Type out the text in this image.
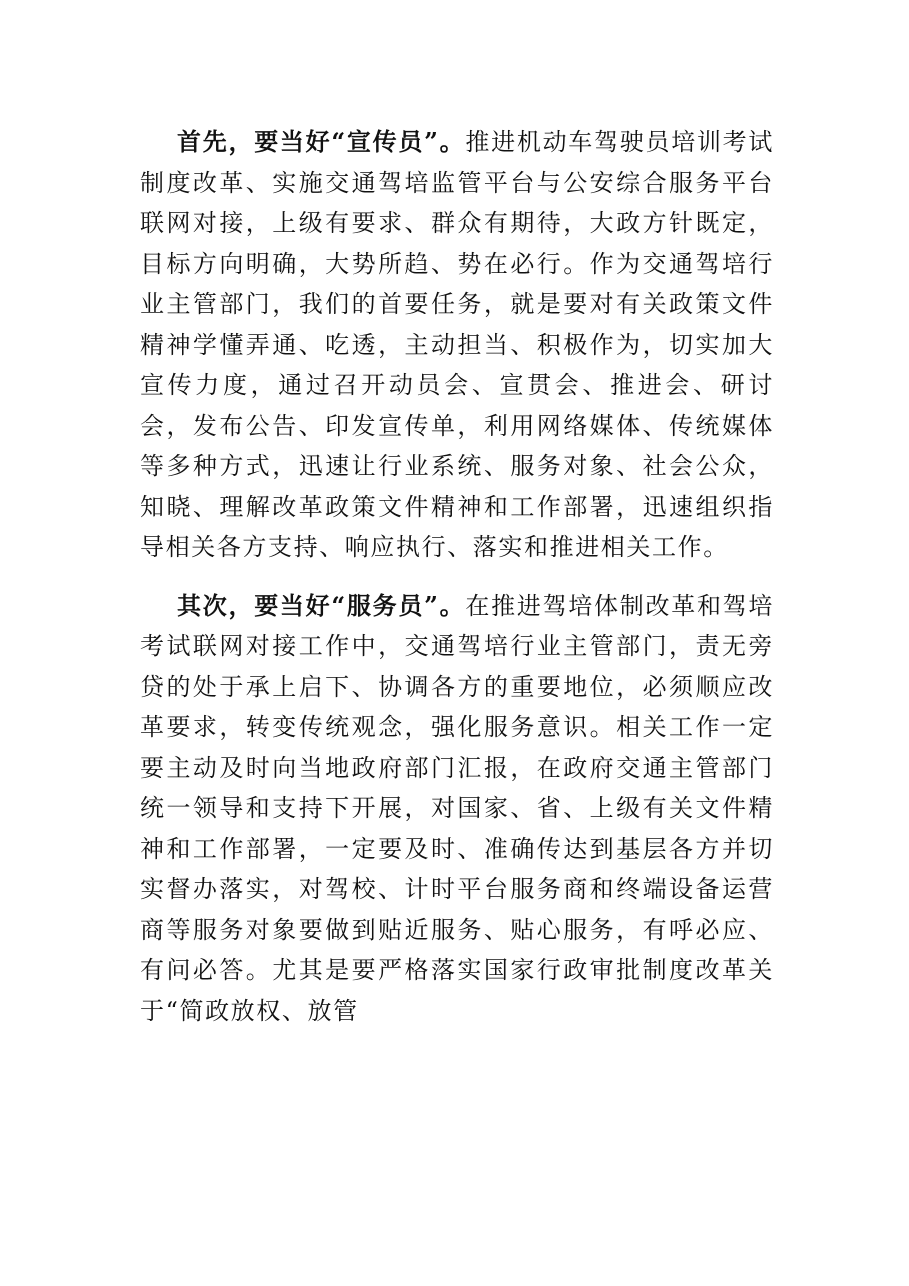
首先，要当好“宣传员”。推进机动车驾驶员培训考试制度改革、实施交通驾培监管平台与公安综合服务平台联网对接，上级有要求、群众有期待，大政方针既定，目标方向明确，大势所趋、势在必行。作为交通驾培行业主管部门，我们的首要任务，就是要对有关政策文件精神学懂弄通、吃透，主动担当、积极作为，切实加大宣传力度，通过召开动员会、宣贯会、推进会、研讨会，发布公告、印发宣传单，利用网络媒体、传统媒体等多种方式，迅速让行业系统、服务对象、社会公众，知晓、理解改革政策文件精神和工作部署，迅速组织指导相关各方支持、响应执行、落实和推进相关工作。

其次，要当好“服务员”。在推进驾培体制改革和驾培考试联网对接工作中，交通驾培行业主管部门，责无旁贷的处于承上启下、协调各方的重要地位，必须顺应改革要求，转变传统观念，强化服务意识。相关工作一定要主动及时向当地政府部门汇报，在政府交通主管部门统一领导和支持下开展，对国家、省、上级有关文件精神和工作部署，一定要及时、准确传达到基层各方并切实督办落实，对驾校、计时平台服务商和终端设备运营商等服务对象要做到贴近服务、贴心服务，有呼必应、有问必答。尤其是要严格落实国家行政审批制度改革关于“简政放权、放管
